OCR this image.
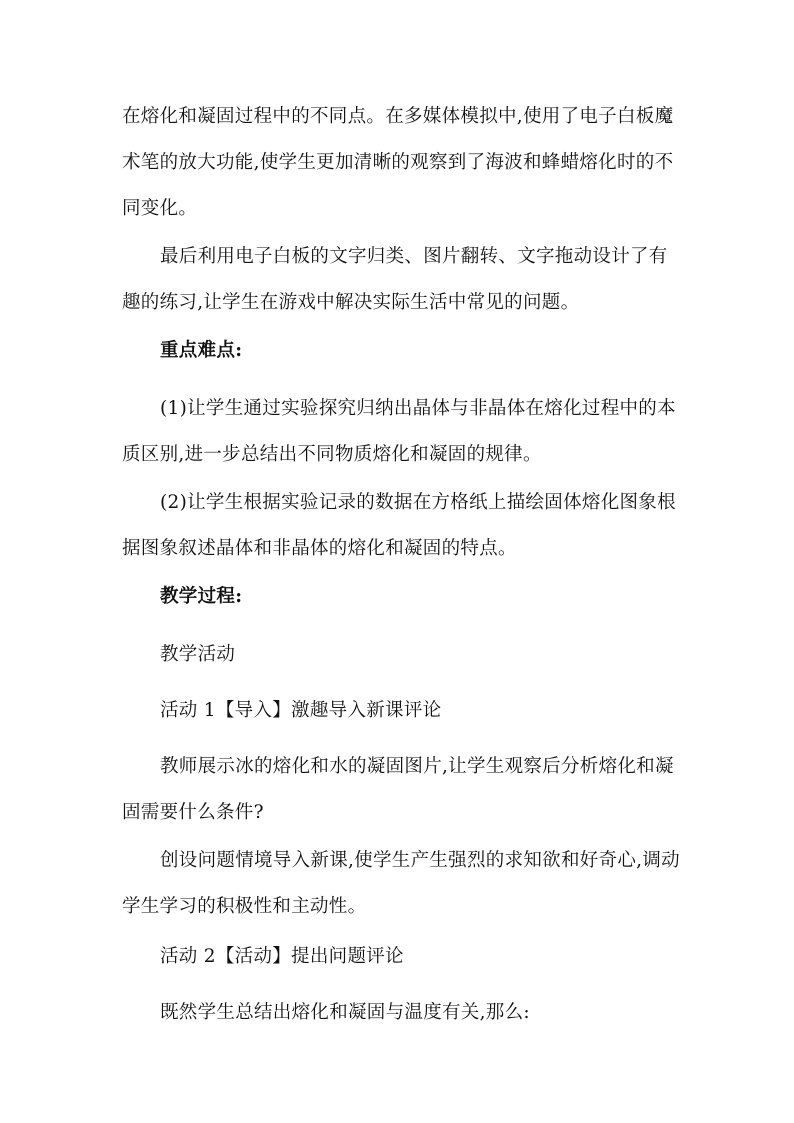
在熔化和凝固过程中的不同点。在多媒体模拟中,使用了电子白板魔术笔的放大功能,使学生更加清晰的观察到了海波和蜂蜡熔化时的不同变化。

最后利用电子白板的文字归类、图片翻转、文字拖动设计了有趣的练习,让学生在游戏中解决实际生活中常见的问题。

重点难点:

(1)让学生通过实验探究归纳出晶体与非晶体在熔化过程中的本质区别,进一步总结出不同物质熔化和凝固的规律。

(2)让学生根据实验记录的数据在方格纸上描绘固体熔化图象根据图象叙述晶体和非晶体的熔化和凝固的特点。

教学过程:

教学活动

活动 1【导入】激趣导入新课评论

教师展示冰的熔化和水的凝固图片,让学生观察后分析熔化和凝固需要什么条件?

创设问题情境导入新课,使学生产生强烈的求知欲和好奇心,调动学生学习的积极性和主动性。

活动 2【活动】提出问题评论

既然学生总结出熔化和凝固与温度有关,那么:
